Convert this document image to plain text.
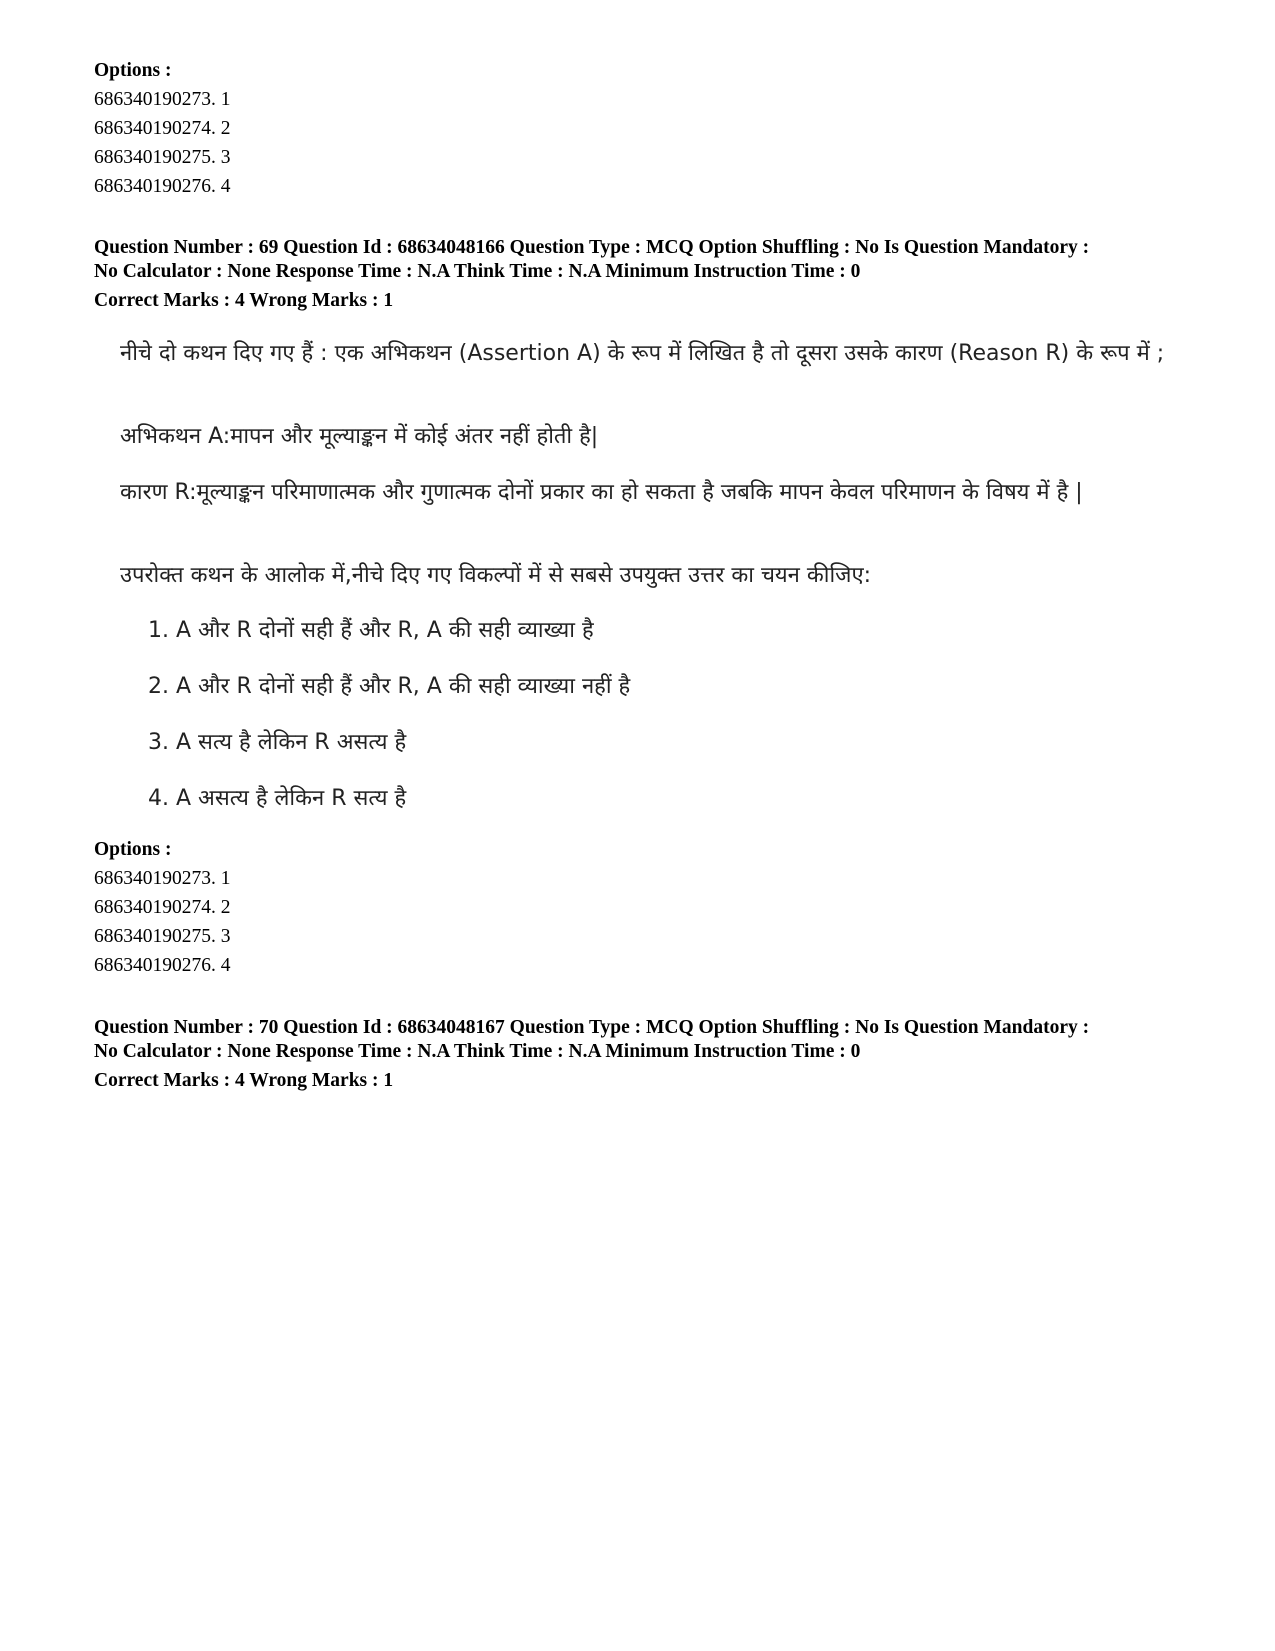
Options :
686340190273. 1
686340190274. 2
686340190275. 3
686340190276. 4
Question Number : 69 Question Id : 68634048166 Question Type : MCQ Option Shuffling : No Is Question Mandatory :
No Calculator : None Response Time : N.A Think Time : N.A Minimum Instruction Time : 0
Correct Marks : 4 Wrong Marks : 1
नीचे दो कथन दिए गए हैं : एक अभिकथन (Assertion A) के रूप में लिखित है तो दूसरा उसके कारण (Reason R) के रूप में ;
अभिकथन A:मापन और मूल्याङ्कन में कोई अंतर नहीं होती है|
कारण R:मूल्याङ्कन परिमाणात्मक और गुणात्मक दोनों प्रकार का हो सकता है जबकि मापन केवल परिमाणन के विषय में है |
उपरोक्त कथन के आलोक में,नीचे दिए गए विकल्पों में से सबसे उपयुक्त उत्तर का चयन कीजिए:
1. A और R दोनों सही हैं और R, A की सही व्याख्या है
2. A और R दोनों सही हैं और R, A की सही व्याख्या नहीं है
3. A सत्य है लेकिन R असत्य है
4. A असत्य है लेकिन R सत्य है
Options :
686340190273. 1
686340190274. 2
686340190275. 3
686340190276. 4
Question Number : 70 Question Id : 68634048167 Question Type : MCQ Option Shuffling : No Is Question Mandatory :
No Calculator : None Response Time : N.A Think Time : N.A Minimum Instruction Time : 0
Correct Marks : 4 Wrong Marks : 1
